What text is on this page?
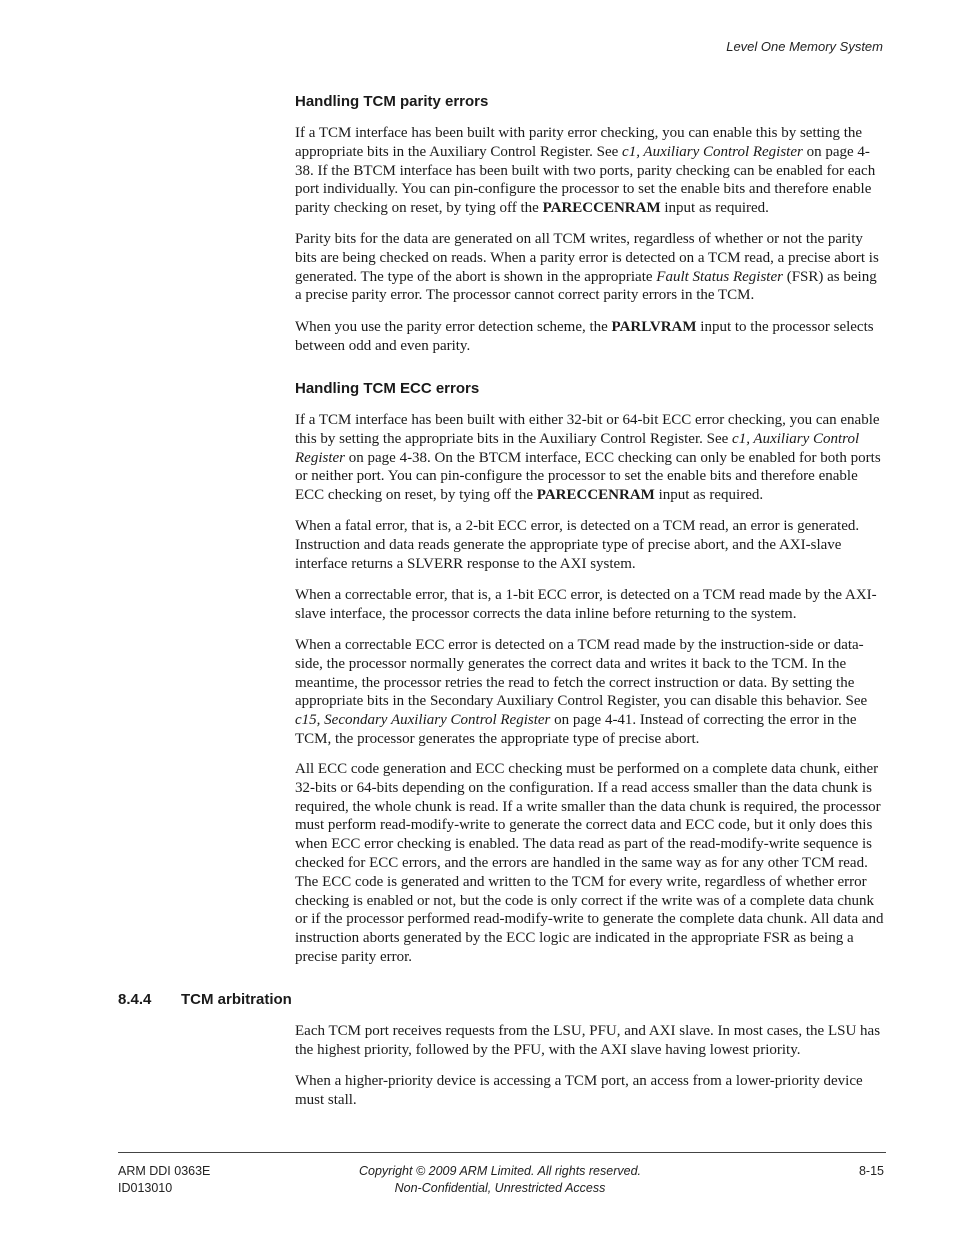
Level One Memory System
Handling TCM parity errors

If a TCM interface has been built with parity error checking, you can enable this by setting the appropriate bits in the Auxiliary Control Register. See c1, Auxiliary Control Register on page 4-38. If the BTCM interface has been built with two ports, parity checking can be enabled for each port individually. You can pin-configure the processor to set the enable bits and therefore enable parity checking on reset, by tying off the PARECCENRAM input as required.

Parity bits for the data are generated on all TCM writes, regardless of whether or not the parity bits are being checked on reads. When a parity error is detected on a TCM read, a precise abort is generated. The type of the abort is shown in the appropriate Fault Status Register (FSR) as being a precise parity error. The processor cannot correct parity errors in the TCM.

When you use the parity error detection scheme, the PARLVRAM input to the processor selects between odd and even parity.

Handling TCM ECC errors

If a TCM interface has been built with either 32-bit or 64-bit ECC error checking, you can enable this by setting the appropriate bits in the Auxiliary Control Register. See c1, Auxiliary Control Register on page 4-38. On the BTCM interface, ECC checking can only be enabled for both ports or neither port. You can pin-configure the processor to set the enable bits and therefore enable ECC checking on reset, by tying off the PARECCENRAM input as required.

When a fatal error, that is, a 2-bit ECC error, is detected on a TCM read, an error is generated. Instruction and data reads generate the appropriate type of precise abort, and the AXI-slave interface returns a SLVERR response to the AXI system.

When a correctable error, that is, a 1-bit ECC error, is detected on a TCM read made by the AXI-slave interface, the processor corrects the data inline before returning to the system.

When a correctable ECC error is detected on a TCM read made by the instruction-side or data-side, the processor normally generates the correct data and writes it back to the TCM. In the meantime, the processor retries the read to fetch the correct instruction or data. By setting the appropriate bits in the Secondary Auxiliary Control Register, you can disable this behavior. See c15, Secondary Auxiliary Control Register on page 4-41. Instead of correcting the error in the TCM, the processor generates the appropriate type of precise abort.

All ECC code generation and ECC checking must be performed on a complete data chunk, either 32-bits or 64-bits depending on the configuration. If a read access smaller than the data chunk is required, the whole chunk is read. If a write smaller than the data chunk is required, the processor must perform read-modify-write to generate the correct data and ECC code, but it only does this when ECC error checking is enabled. The data read as part of the read-modify-write sequence is checked for ECC errors, and the errors are handled in the same way as for any other TCM read. The ECC code is generated and written to the TCM for every write, regardless of whether error checking is enabled or not, but the code is only correct if the write was of a complete data chunk or if the processor performed read-modify-write to generate the complete data chunk. All data and instruction aborts generated by the ECC logic are indicated in the appropriate FSR as being a precise parity error.

8.4.4 TCM arbitration

Each TCM port receives requests from the LSU, PFU, and AXI slave. In most cases, the LSU has the highest priority, followed by the PFU, with the AXI slave having lowest priority.

When a higher-priority device is accessing a TCM port, an access from a lower-priority device must stall.

ARM DDI 0363E
ID013010
Copyright © 2009 ARM Limited. All rights reserved.
Non-Confidential, Unrestricted Access
8-15
